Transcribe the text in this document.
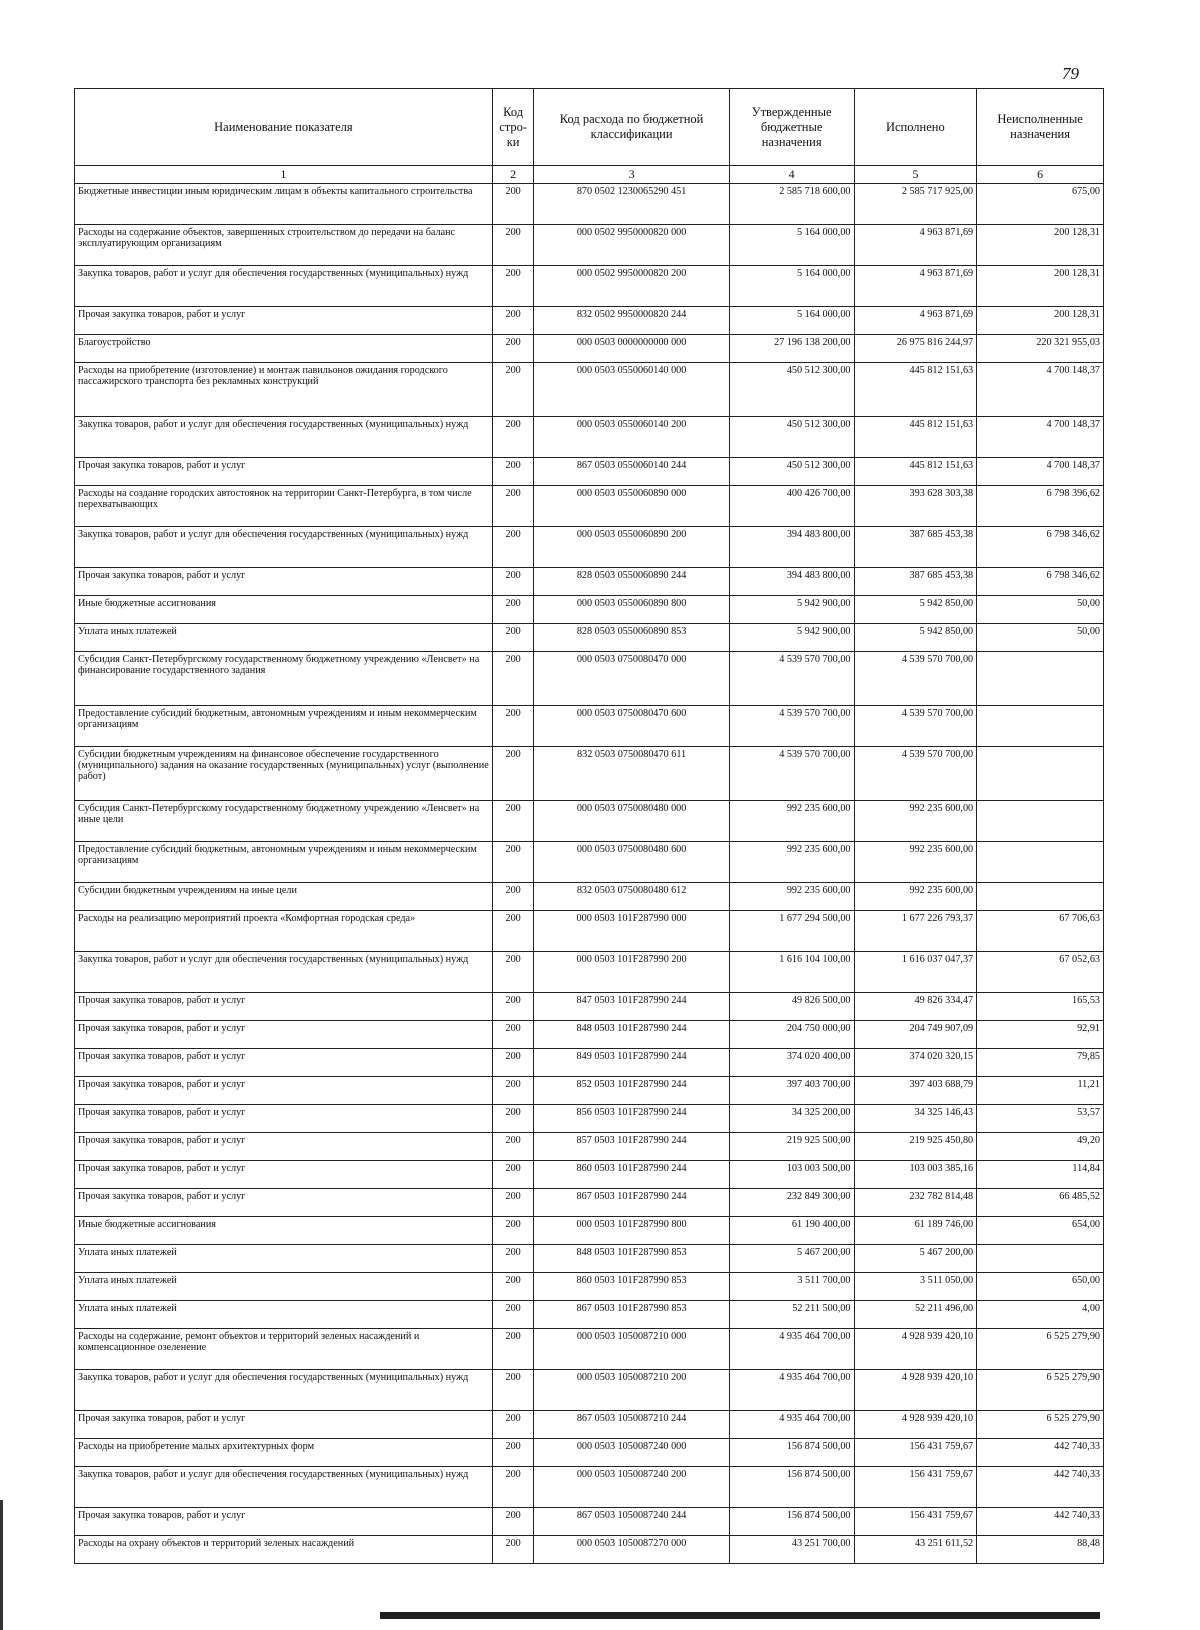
79
Наименование показателя	Код стро-ки	Код расхода по бюджетной классификации	Утвержденные бюджетные назначения	Исполнено	Неисполненные назначения
1	2	3	4	5	6
Бюджетные инвестиции иным юридическим лицам в объекты капитального строительства	200	870 0502 1230065290 451	2 585 718 600,00	2 585 717 925,00	675,00
Расходы на содержание объектов, завершенных строительством до передачи на баланс эксплуатирующим организациям	200	000 0502 9950000820 000	5 164 000,00	4 963 871,69	200 128,31
Закупка товаров, работ и услуг для обеспечения государственных (муниципальных) нужд	200	000 0502 9950000820 200	5 164 000,00	4 963 871,69	200 128,31
Прочая закупка товаров, работ и услуг	200	832 0502 9950000820 244	5 164 000,00	4 963 871,69	200 128,31
Благоустройство	200	000 0503 0000000000 000	27 196 138 200,00	26 975 816 244,97	220 321 955,03
Расходы на приобретение (изготовление) и монтаж павильонов ожидания городского пассажирского транспорта без рекламных конструкций	200	000 0503 0550060140 000	450 512 300,00	445 812 151,63	4 700 148,37
Закупка товаров, работ и услуг для обеспечения государственных (муниципальных) нужд	200	000 0503 0550060140 200	450 512 300,00	445 812 151,63	4 700 148,37
Прочая закупка товаров, работ и услуг	200	867 0503 0550060140 244	450 512 300,00	445 812 151,63	4 700 148,37
Расходы на создание городских автостоянок на территории Санкт-Петербурга, в том числе перехватывающих	200	000 0503 0550060890 000	400 426 700,00	393 628 303,38	6 798 396,62
Закупка товаров, работ и услуг для обеспечения государственных (муниципальных) нужд	200	000 0503 0550060890 200	394 483 800,00	387 685 453,38	6 798 346,62
Прочая закупка товаров, работ и услуг	200	828 0503 0550060890 244	394 483 800,00	387 685 453,38	6 798 346,62
Иные бюджетные ассигнования	200	000 0503 0550060890 800	5 942 900,00	5 942 850,00	50,00
Уплата иных платежей	200	828 0503 0550060890 853	5 942 900,00	5 942 850,00	50,00
Субсидия Санкт-Петербургскому государственному бюджетному учреждению «Ленсвет» на финансирование государственного задания	200	000 0503 0750080470 000	4 539 570 700,00	4 539 570 700,00	
Предоставление субсидий бюджетным, автономным учреждениям и иным некоммерческим организациям	200	000 0503 0750080470 600	4 539 570 700,00	4 539 570 700,00	
Субсидии бюджетным учреждениям на финансовое обеспечение государственного (муниципального) задания на оказание государственных (муниципальных) услуг (выполнение работ)	200	832 0503 0750080470 611	4 539 570 700,00	4 539 570 700,00	
Субсидия Санкт-Петербургскому государственному бюджетному учреждению «Ленсвет» на иные цели	200	000 0503 0750080480 000	992 235 600,00	992 235 600,00	
Предоставление субсидий бюджетным, автономным учреждениям и иным некоммерческим организациям	200	000 0503 0750080480 600	992 235 600,00	992 235 600,00	
Субсидии бюджетным учреждениям на иные цели	200	832 0503 0750080480 612	992 235 600,00	992 235 600,00	
Расходы на реализацию мероприятий проекта «Комфортная городская среда»	200	000 0503 101F287990 000	1 677 294 500,00	1 677 226 793,37	67 706,63
Закупка товаров, работ и услуг для обеспечения государственных (муниципальных) нужд	200	000 0503 101F287990 200	1 616 104 100,00	1 616 037 047,37	67 052,63
Прочая закупка товаров, работ и услуг	200	847 0503 101F287990 244	49 826 500,00	49 826 334,47	165,53
Прочая закупка товаров, работ и услуг	200	848 0503 101F287990 244	204 750 000,00	204 749 907,09	92,91
Прочая закупка товаров, работ и услуг	200	849 0503 101F287990 244	374 020 400,00	374 020 320,15	79,85
Прочая закупка товаров, работ и услуг	200	852 0503 101F287990 244	397 403 700,00	397 403 688,79	11,21
Прочая закупка товаров, работ и услуг	200	856 0503 101F287990 244	34 325 200,00	34 325 146,43	53,57
Прочая закупка товаров, работ и услуг	200	857 0503 101F287990 244	219 925 500,00	219 925 450,80	49,20
Прочая закупка товаров, работ и услуг	200	860 0503 101F287990 244	103 003 500,00	103 003 385,16	114,84
Прочая закупка товаров, работ и услуг	200	867 0503 101F287990 244	232 849 300,00	232 782 814,48	66 485,52
Иные бюджетные ассигнования	200	000 0503 101F287990 800	61 190 400,00	61 189 746,00	654,00
Уплата иных платежей	200	848 0503 101F287990 853	5 467 200,00	5 467 200,00	
Уплата иных платежей	200	860 0503 101F287990 853	3 511 700,00	3 511 050,00	650,00
Уплата иных платежей	200	867 0503 101F287990 853	52 211 500,00	52 211 496,00	4,00
Расходы на содержание, ремонт объектов и территорий зеленых насаждений и компенсационное озеленение	200	000 0503 1050087210 000	4 935 464 700,00	4 928 939 420,10	6 525 279,90
Закупка товаров, работ и услуг для обеспечения государственных (муниципальных) нужд	200	000 0503 1050087210 200	4 935 464 700,00	4 928 939 420,10	6 525 279,90
Прочая закупка товаров, работ и услуг	200	867 0503 1050087210 244	4 935 464 700,00	4 928 939 420,10	6 525 279,90
Расходы на приобретение малых архитектурных форм	200	000 0503 1050087240 000	156 874 500,00	156 431 759,67	442 740,33
Закупка товаров, работ и услуг для обеспечения государственных (муниципальных) нужд	200	000 0503 1050087240 200	156 874 500,00	156 431 759,67	442 740,33
Прочая закупка товаров, работ и услуг	200	867 0503 1050087240 244	156 874 500,00	156 431 759,67	442 740,33
Расходы на охрану объектов и территорий зеленых насаждений	200	000 0503 1050087270 000	43 251 700,00	43 251 611,52	88,48
